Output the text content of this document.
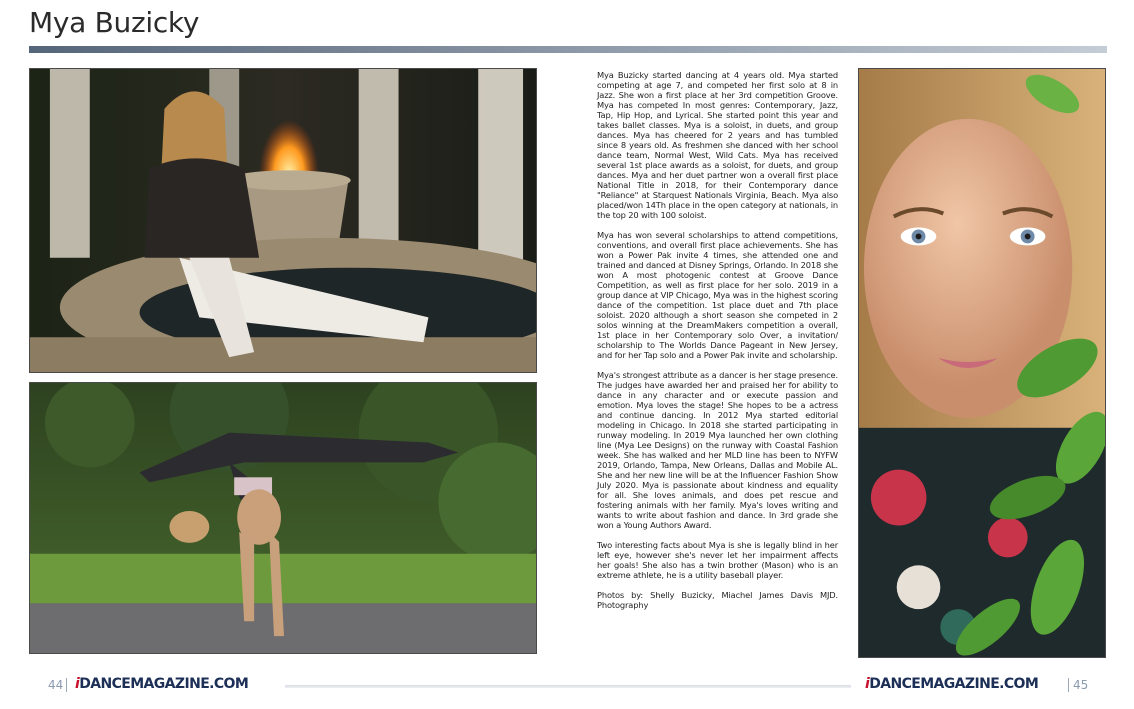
Mya Buzicky

Mya Buzicky started dancing at 4 years old. Mya started competing at age 7, and competed her first solo at 8 in Jazz. She won a first place at her 3rd competition Groove. Mya has competed In most genres: Contemporary, Jazz, Tap, Hip Hop, and Lyrical. She started point this year and takes ballet classes. Mya is a soloist, in duets, and group dances. Mya has cheered for 2 years and has tumbled since 8 years old. As freshmen she danced with her school dance team, Normal West, Wild Cats. Mya has received several 1st place awards as a soloist, for duets, and group dances. Mya and her duet partner won a overall first place National Title in 2018, for their Contemporary dance "Reliance" at Starquest Nationals Virginia, Beach. Mya also placed/won 14Th place in the open category at nationals, in the top 20 with 100 soloist.

Mya has won several scholarships to attend competitions, conventions, and overall first place achievements. She has won a Power Pak invite 4 times, she attended one and trained and danced at Disney Springs, Orlando. In 2018 she won A most photogenic contest at Groove Dance Competition, as well as first place for her solo. 2019 in a group dance at VIP Chicago, Mya was in the highest scoring dance of the competition. 1st place duet and 7th place soloist. 2020 although a short season she competed in 2 solos winning at the DreamMakers competition a overall, 1st place in her Contemporary solo Over, a invitation/ scholarship to The Worlds Dance Pageant in New Jersey, and for her Tap solo and a Power Pak invite and scholarship.

Mya's strongest attribute as a dancer is her stage presence. The judges have awarded her and praised her for ability to dance in any character and or execute passion and emotion. Mya loves the stage! She hopes to be a actress and continue dancing. In 2012 Mya started editorial modeling in Chicago. In 2018 she started participating in runway modeling. In 2019 Mya launched her own clothing line (Mya Lee Designs) on the runway with Coastal Fashion week. She has walked and her MLD line has been to NYFW 2019, Orlando, Tampa, New Orleans, Dallas and Mobile AL. She and her new line will be at the Influencer Fashion Show July 2020. Mya is passionate about kindness and equality for all. She loves animals, and does pet rescue and fostering animals with her family. Mya's loves writing and wants to write about fashion and dance. In 3rd grade she won a Young Authors Award.

Two interesting facts about Mya is she is legally blind in her left eye, however she's never let her impairment affects her goals! She also has a twin brother (Mason) who is an extreme athlete, he is a utility baseball player.

Photos by: Shelly Buzicky, Miachel James Davis MJD. Photography

44 iDANCEMAGAZINE.COM	iDANCEMAGAZINE.COM	45
